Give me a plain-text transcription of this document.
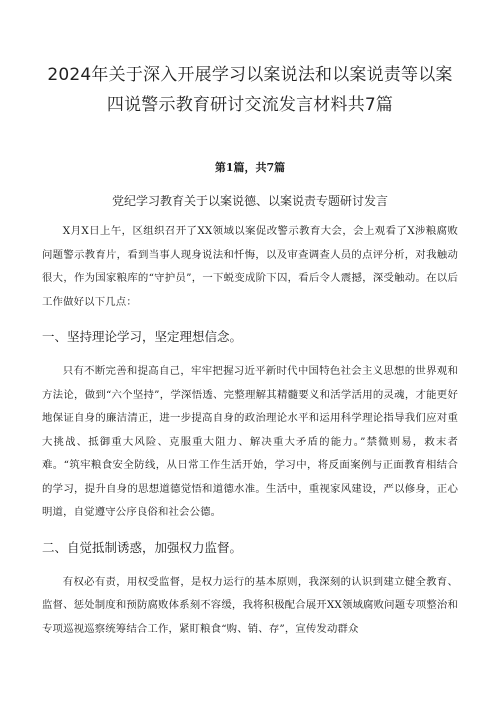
2024年关于深入开展学习以案说法和以案说责等以案四说警示教育研讨交流发言材料共7篇
第1篇，共7篇
党纪学习教育关于以案说德、以案说责专题研讨发言

X月X日上午，区组织召开了XX领域以案促改警示教育大会，会上观看了X涉粮腐败问题警示教育片，看到当事人现身说法和忏悔，以及审查调查人员的点评分析，对我触动很大，作为国家粮库的“守护员”，一下蜕变成阶下囚，看后令人震撼，深受触动。在以后工作做好以下几点：

一、坚持理论学习，坚定理想信念。

只有不断完善和提高自己，牢牢把握习近平新时代中国特色社会主义思想的世界观和方法论，做到“六个坚持”，学深悟透、完整理解其精髓要义和活学活用的灵魂，才能更好地保证自身的廉洁清正，进一步提高自身的政治理论水平和运用科学理论指导我们应对重大挑战、抵御重大风险、克服重大阻力、解决重大矛盾的能力。”禁微则易，救末者难。“筑牢粮食安全防线，从日常工作生活开始，学习中，将反面案例与正面教育相结合的学习，提升自身的思想道德觉悟和道德水准。生活中，重视家风建设，严以修身，正心明道，自觉遵守公序良俗和社会公德。

二、自觉抵制诱惑，加强权力监督。

有权必有责，用权受监督，是权力运行的基本原则，我深刻的认识到建立健全教育、监督、惩处制度和预防腐败体系刻不容缓，我将积极配合展开XX领域腐败问题专项整治和专项巡视巡察统筹结合工作，紧盯粮食“购、销、存”，宣传发动群众
